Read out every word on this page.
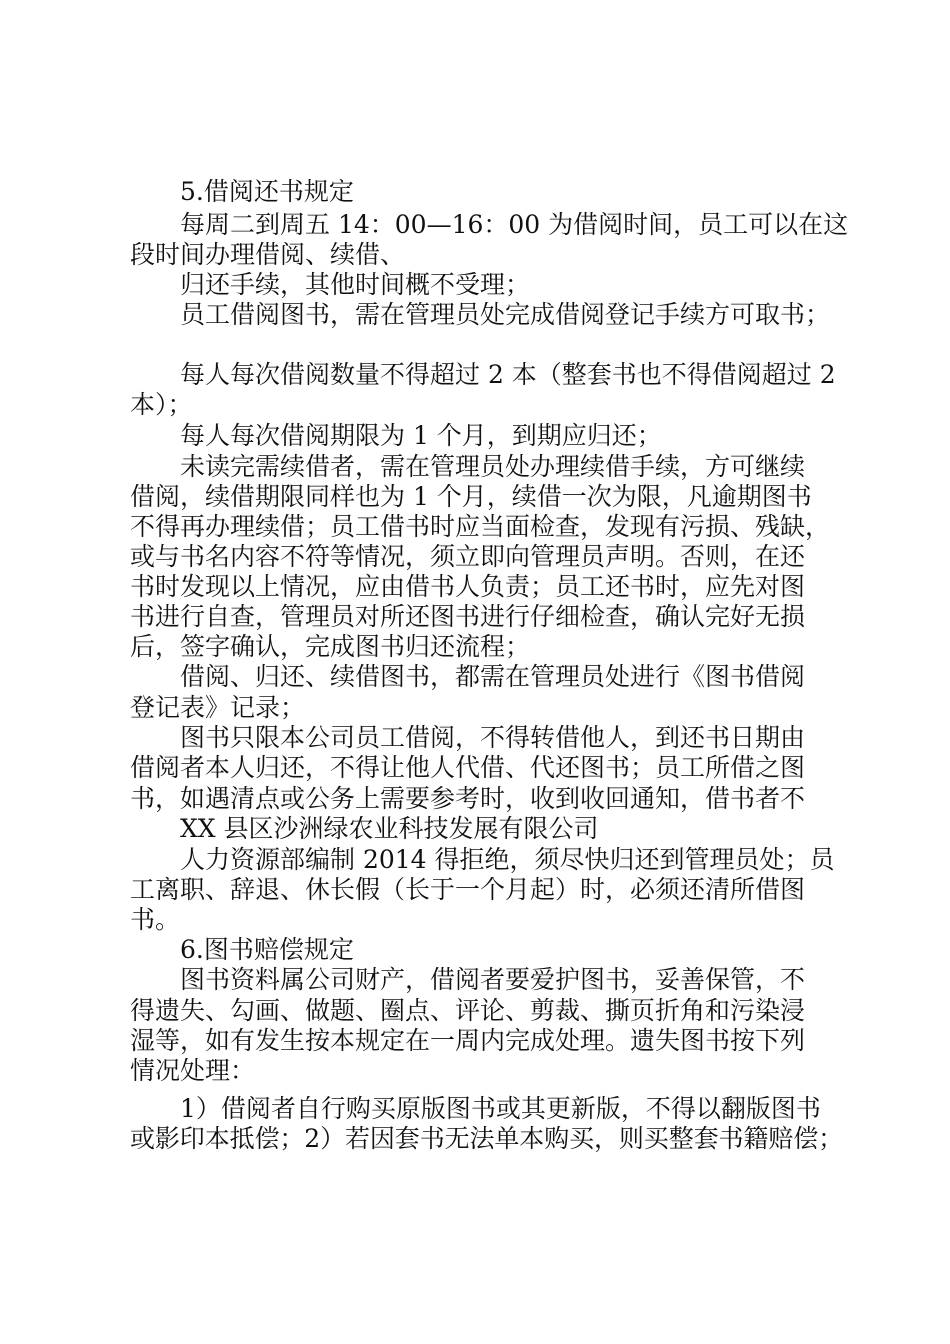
5.借阅还书规定
每周二到周五 14：00—16：00 为借阅时间，员工可以在这
段时间办理借阅、续借、
归还手续，其他时间概不受理；
员工借阅图书，需在管理员处完成借阅登记手续方可取书；
每人每次借阅数量不得超过 2 本（整套书也不得借阅超过 2
本）；
每人每次借阅期限为 1 个月，到期应归还；
未读完需续借者，需在管理员处办理续借手续，方可继续
借阅，续借期限同样也为 1 个月，续借一次为限，凡逾期图书
不得再办理续借；员工借书时应当面检查，发现有污损、残缺，
或与书名内容不符等情况，须立即向管理员声明。否则，在还
书时发现以上情况，应由借书人负责；员工还书时，应先对图
书进行自查，管理员对所还图书进行仔细检查，确认完好无损
后，签字确认，完成图书归还流程；
借阅、归还、续借图书，都需在管理员处进行《图书借阅
登记表》记录；
图书只限本公司员工借阅，不得转借他人，到还书日期由
借阅者本人归还，不得让他人代借、代还图书；员工所借之图
书，如遇清点或公务上需要参考时，收到收回通知，借书者不
XX 县区沙洲绿农业科技发展有限公司
人力资源部编制 2014 得拒绝，须尽快归还到管理员处；员
工离职、辞退、休长假（长于一个月起）时，必须还清所借图
书。
6.图书赔偿规定
图书资料属公司财产，借阅者要爱护图书，妥善保管，不
得遗失、勾画、做题、圈点、评论、剪裁、撕页折角和污染浸
湿等，如有发生按本规定在一周内完成处理。遗失图书按下列
情况处理：
1）借阅者自行购买原版图书或其更新版，不得以翻版图书
或影印本抵偿；2）若因套书无法单本购买，则买整套书籍赔偿；
